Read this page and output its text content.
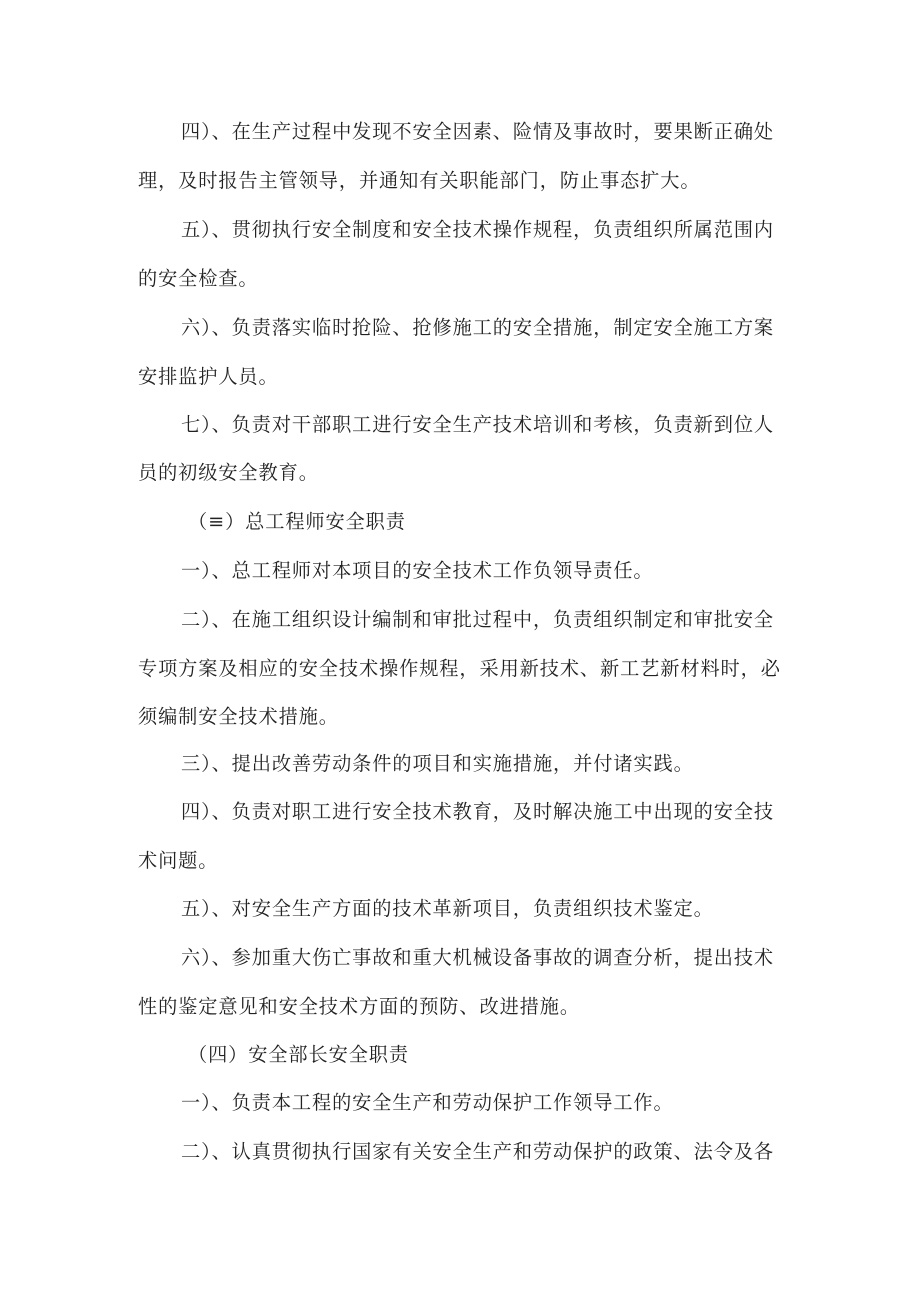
四）、在生产过程中发现不安全因素、险情及事故时，要果断正确处
理，及时报告主管领导，并通知有关职能部门，防止事态扩大。
五）、贯彻执行安全制度和安全技术操作规程，负责组织所属范围内
的安全检查。
六）、负责落实临时抢险、抢修施工的安全措施，制定安全施工方案
安排监护人员。
七）、负责对干部职工进行安全生产技术培训和考核，负责新到位人
员的初级安全教育。
（≡）总工程师安全职责
一）、总工程师对本项目的安全技术工作负领导责任。
二）、在施工组织设计编制和审批过程中，负责组织制定和审批安全
专项方案及相应的安全技术操作规程，采用新技术、新工艺新材料时，必
须编制安全技术措施。
三）、提出改善劳动条件的项目和实施措施，并付诸实践。
四）、负责对职工进行安全技术教育，及时解决施工中出现的安全技
术问题。
五）、对安全生产方面的技术革新项目，负责组织技术鉴定。
六）、参加重大伤亡事故和重大机械设备事故的调查分析，提出技术
性的鉴定意见和安全技术方面的预防、改进措施。
（四）安全部长安全职责
一）、负责本工程的安全生产和劳动保护工作领导工作。
二）、认真贯彻执行国家有关安全生产和劳动保护的政策、法令及各
